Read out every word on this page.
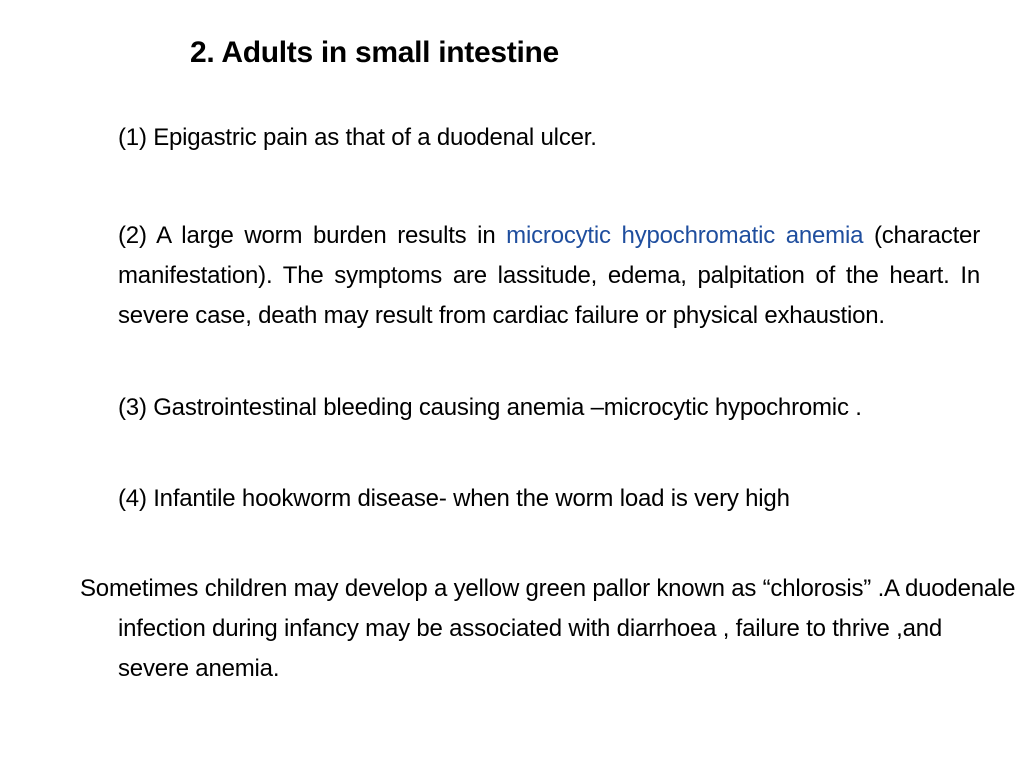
2. Adults in small intestine
(1) Epigastric pain as that of a duodenal ulcer.
(2) A large worm burden results in microcytic hypochromatic anemia (character manifestation). The symptoms are lassitude, edema, palpitation of the heart. In severe case, death may result from cardiac failure or physical exhaustion.
(3) Gastrointestinal bleeding causing anemia –microcytic hypochromic .
(4) Infantile hookworm disease- when the worm load is very high
Sometimes children may develop a yellow green pallor known as “chlorosis” .A duodenale infection during infancy may be associated with diarrhoea , failure to thrive ,and severe anemia.
